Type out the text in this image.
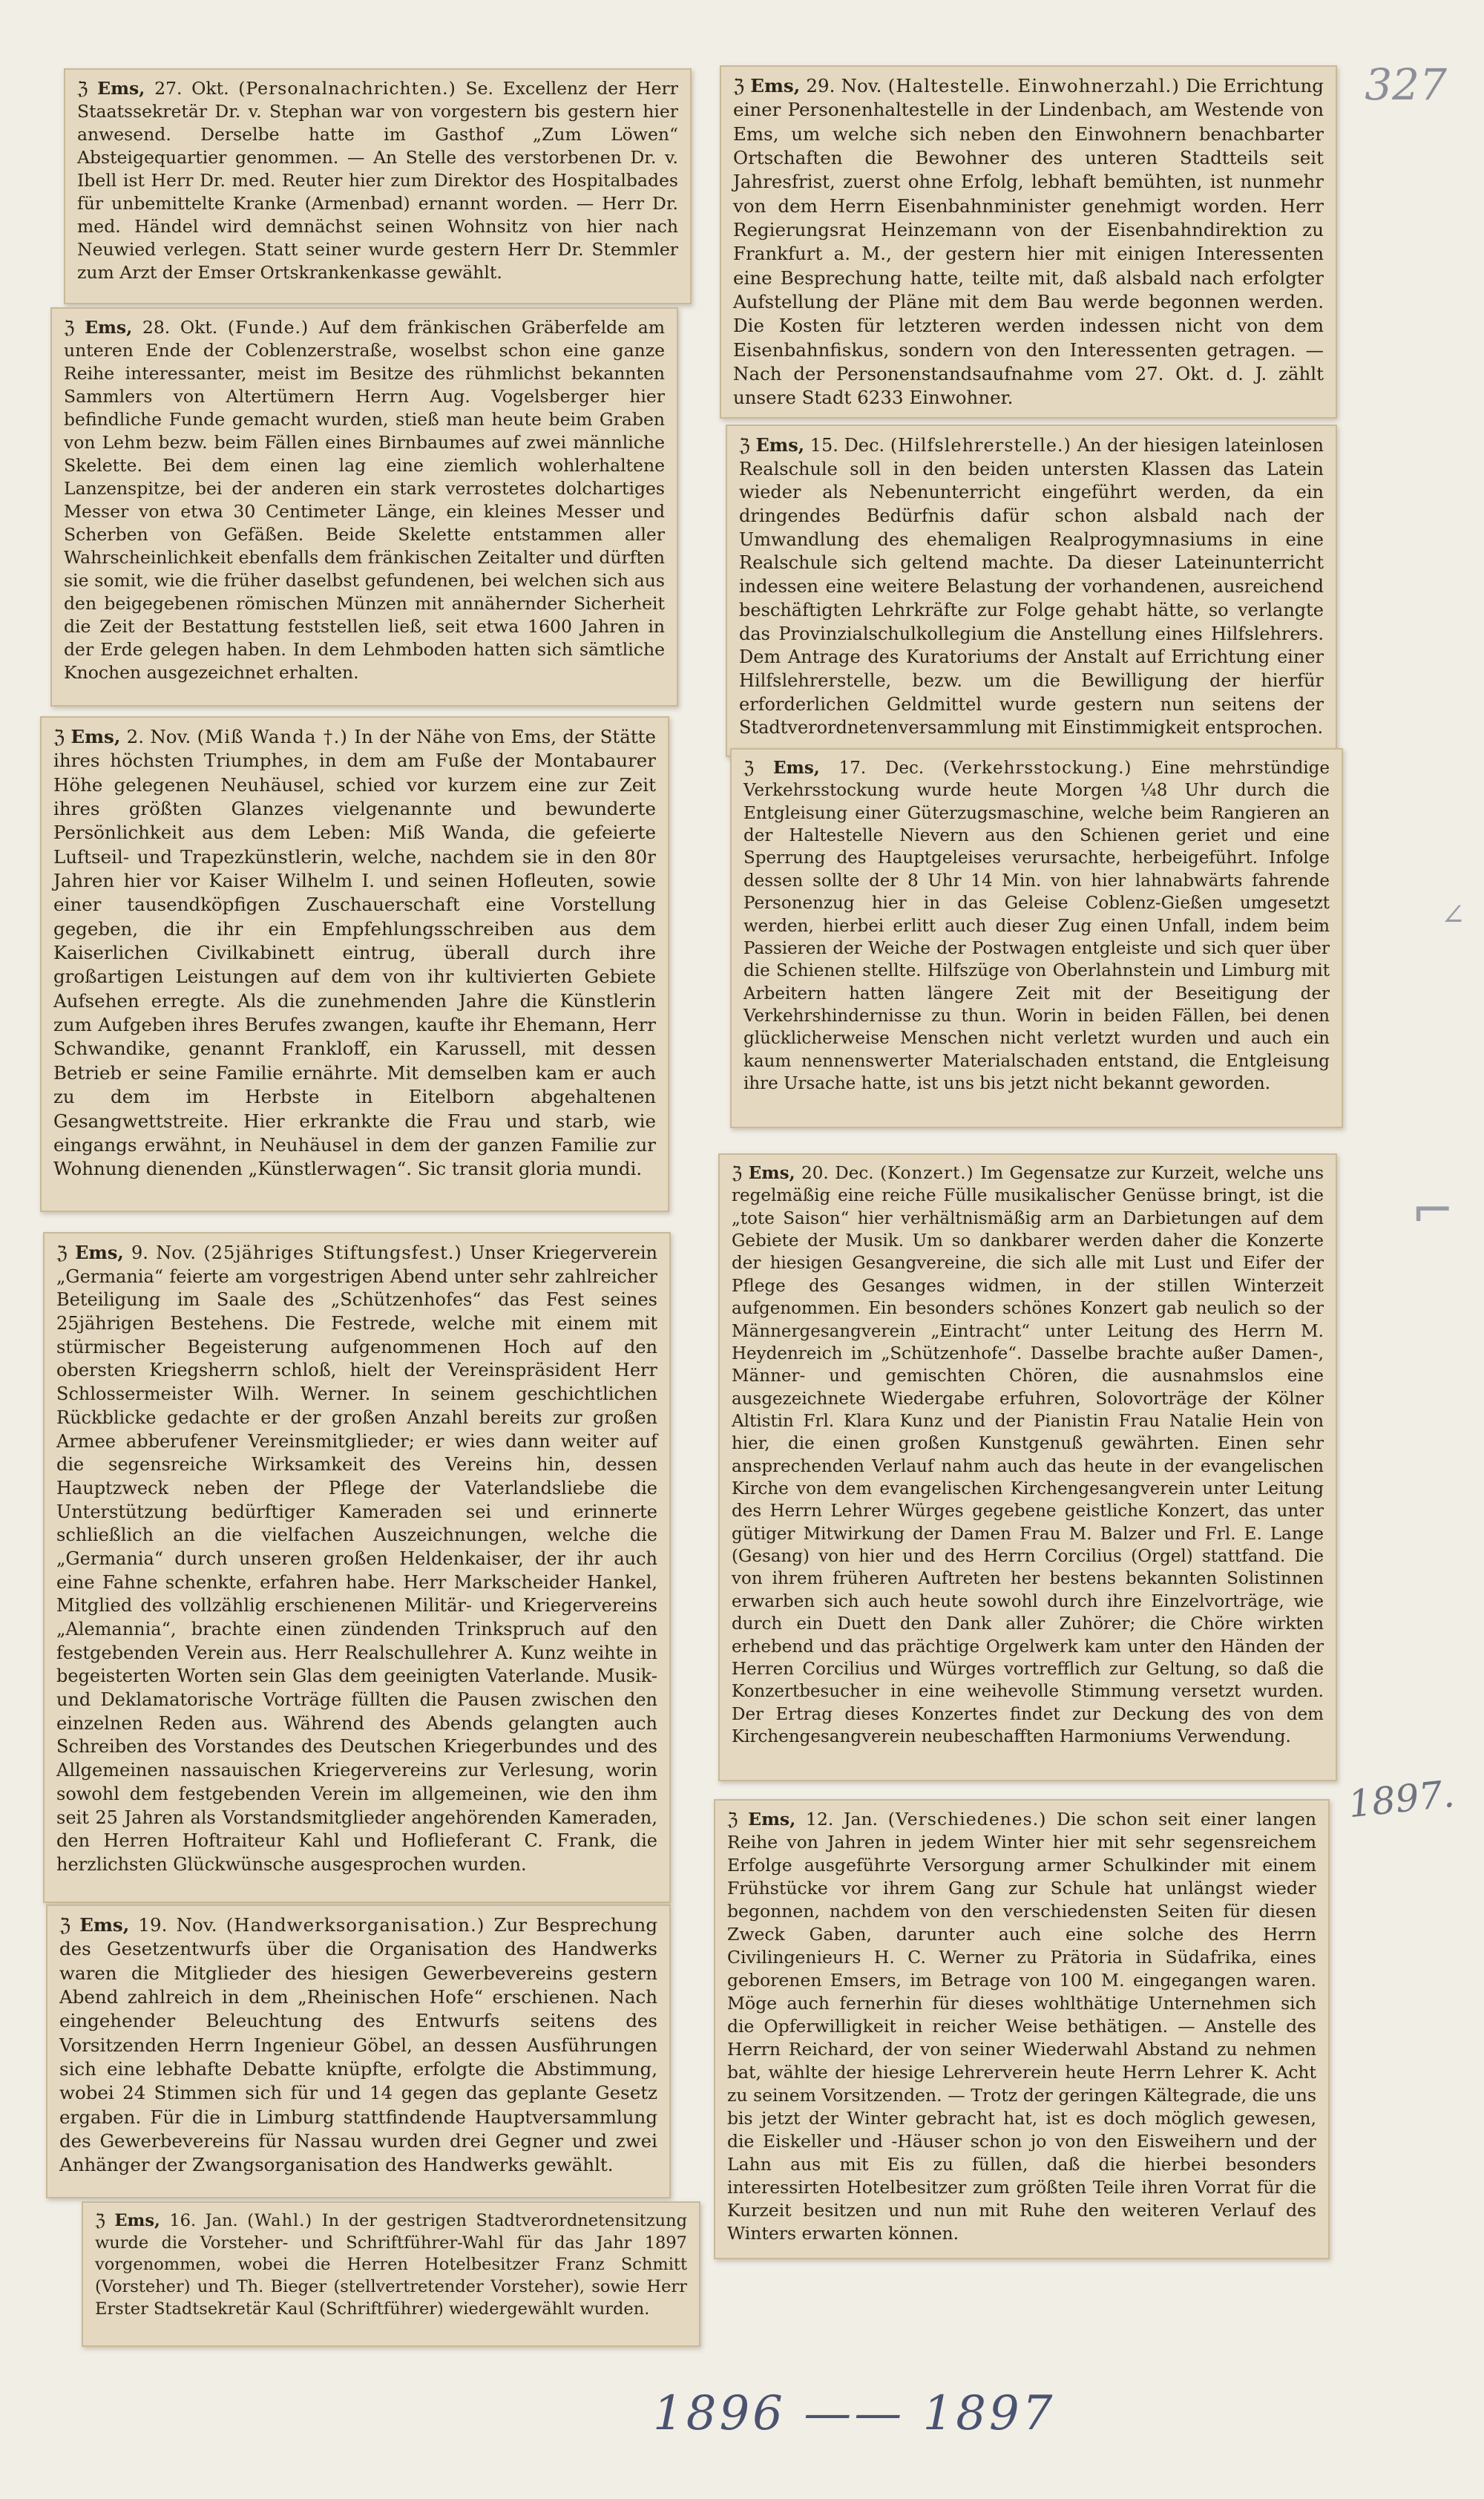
327
∠
⌐
1897.
1896 —— 1897
ℨ Ems, 27. Okt. (Personalnachrichten.) Se. Excellenz der Herr Staatssekretär Dr. v. Stephan war von vorgestern bis gestern hier anwesend. Derselbe hatte im Gasthof „Zum Löwen“ Absteigequartier genommen. — An Stelle des verstorbenen Dr. v. Ibell ist Herr Dr. med. Reuter hier zum Direktor des Hospitalbades für unbemittelte Kranke (Armenbad) ernannt worden. — Herr Dr. med. Händel wird demnächst seinen Wohnsitz von hier nach Neuwied verlegen. Statt seiner wurde gestern Herr Dr. Stemmler zum Arzt der Emser Ortskrankenkasse gewählt.
ℨ Ems, 28. Okt. (Funde.) Auf dem fränkischen Gräberfelde am unteren Ende der Coblenzerstraße, woselbst schon eine ganze Reihe interessanter, meist im Besitze des rühmlichst bekannten Sammlers von Altertümern Herrn Aug. Vogelsberger hier befindliche Funde gemacht wurden, stieß man heute beim Graben von Lehm bezw. beim Fällen eines Birnbaumes auf zwei männliche Skelette. Bei dem einen lag eine ziemlich wohlerhaltene Lanzenspitze, bei der anderen ein stark verrostetes dolchartiges Messer von etwa 30 Centimeter Länge, ein kleines Messer und Scherben von Gefäßen. Beide Skelette entstammen aller Wahrscheinlichkeit ebenfalls dem fränkischen Zeitalter und dürften sie somit, wie die früher daselbst gefundenen, bei welchen sich aus den beigegebenen römischen Münzen mit annähernder Sicherheit die Zeit der Bestattung feststellen ließ, seit etwa 1600 Jahren in der Erde gelegen haben. In dem Lehmboden hatten sich sämtliche Knochen ausgezeichnet erhalten.
ℨ Ems, 2. Nov. (Miß Wanda †.) In der Nähe von Ems, der Stätte ihres höchsten Triumphes, in dem am Fuße der Montabaurer Höhe gelegenen Neuhäusel, schied vor kurzem eine zur Zeit ihres größten Glanzes vielgenannte und bewunderte Persönlichkeit aus dem Leben: Miß Wanda, die gefeierte Luftseil- und Trapezkünstlerin, welche, nachdem sie in den 80r Jahren hier vor Kaiser Wilhelm I. und seinen Hofleuten, sowie einer tausendköpfigen Zuschauerschaft eine Vorstellung gegeben, die ihr ein Empfehlungsschreiben aus dem Kaiserlichen Civilkabinett eintrug, überall durch ihre großartigen Leistungen auf dem von ihr kultivierten Gebiete Aufsehen erregte. Als die zunehmenden Jahre die Künstlerin zum Aufgeben ihres Berufes zwangen, kaufte ihr Ehemann, Herr Schwandike, genannt Frankloff, ein Karussell, mit dessen Betrieb er seine Familie ernährte. Mit demselben kam er auch zu dem im Herbste in Eitelborn abgehaltenen Gesangwettstreite. Hier erkrankte die Frau und starb, wie eingangs erwähnt, in Neuhäusel in dem der ganzen Familie zur Wohnung dienenden „Künstlerwagen“. Sic transit gloria mundi.
ℨ Ems, 9. Nov. (25jähriges Stiftungsfest.) Unser Kriegerverein „Germania“ feierte am vorgestrigen Abend unter sehr zahlreicher Beteiligung im Saale des „Schützenhofes“ das Fest seines 25jährigen Bestehens. Die Festrede, welche mit einem mit stürmischer Begeisterung aufgenommenen Hoch auf den obersten Kriegsherrn schloß, hielt der Vereinspräsident Herr Schlossermeister Wilh. Werner. In seinem geschichtlichen Rückblicke gedachte er der großen Anzahl bereits zur großen Armee abberufener Vereinsmitglieder; er wies dann weiter auf die segensreiche Wirksamkeit des Vereins hin, dessen Hauptzweck neben der Pflege der Vaterlandsliebe die Unterstützung bedürftiger Kameraden sei und erinnerte schließlich an die vielfachen Auszeichnungen, welche die „Germania“ durch unseren großen Heldenkaiser, der ihr auch eine Fahne schenkte, erfahren habe. Herr Markscheider Hankel, Mitglied des vollzählig erschienenen Militär- und Kriegervereins „Alemannia“, brachte einen zündenden Trinkspruch auf den festgebenden Verein aus. Herr Realschullehrer A. Kunz weihte in begeisterten Worten sein Glas dem geeinigten Vaterlande. Musik- und Deklamatorische Vorträge füllten die Pausen zwischen den einzelnen Reden aus. Während des Abends gelangten auch Schreiben des Vorstandes des Deutschen Kriegerbundes und des Allgemeinen nassauischen Kriegervereins zur Verlesung, worin sowohl dem festgebenden Verein im allgemeinen, wie den ihm seit 25 Jahren als Vorstandsmitglieder angehörenden Kameraden, den Herren Hoftraiteur Kahl und Hoflieferant C. Frank, die herzlichsten Glückwünsche ausgesprochen wurden.
ℨ Ems, 19. Nov. (Handwerksorganisation.) Zur Besprechung des Gesetzentwurfs über die Organisation des Handwerks waren die Mitglieder des hiesigen Gewerbevereins gestern Abend zahlreich in dem „Rheinischen Hofe“ erschienen. Nach eingehender Beleuchtung des Entwurfs seitens des Vorsitzenden Herrn Ingenieur Göbel, an dessen Ausführungen sich eine lebhafte Debatte knüpfte, erfolgte die Abstimmung, wobei 24 Stimmen sich für und 14 gegen das geplante Gesetz ergaben. Für die in Limburg stattfindende Hauptversammlung des Gewerbevereins für Nassau wurden drei Gegner und zwei Anhänger der Zwangsorganisation des Handwerks gewählt.
ℨ Ems, 16. Jan. (Wahl.) In der gestrigen Stadtverordnetensitzung wurde die Vorsteher- und Schriftführer-Wahl für das Jahr 1897 vorgenommen, wobei die Herren Hotelbesitzer Franz Schmitt (Vorsteher) und Th. Bieger (stellvertretender Vorsteher), sowie Herr Erster Stadtsekretär Kaul (Schriftführer) wiedergewählt wurden.
ℨ Ems, 29. Nov. (Haltestelle. Einwohnerzahl.) Die Errichtung einer Personenhaltestelle in der Lindenbach, am Westende von Ems, um welche sich neben den Einwohnern benachbarter Ortschaften die Bewohner des unteren Stadtteils seit Jahresfrist, zuerst ohne Erfolg, lebhaft bemühten, ist nunmehr von dem Herrn Eisenbahnminister genehmigt worden. Herr Regierungsrat Heinzemann von der Eisenbahndirektion zu Frankfurt a. M., der gestern hier mit einigen Interessenten eine Besprechung hatte, teilte mit, daß alsbald nach erfolgter Aufstellung der Pläne mit dem Bau werde begonnen werden. Die Kosten für letzteren werden indessen nicht von dem Eisenbahnfiskus, sondern von den Interessenten getragen. — Nach der Personenstandsaufnahme vom 27. Okt. d. J. zählt unsere Stadt 6233 Einwohner.
ℨ Ems, 15. Dec. (Hilfslehrerstelle.) An der hiesigen lateinlosen Realschule soll in den beiden untersten Klassen das Latein wieder als Nebenunterricht eingeführt werden, da ein dringendes Bedürfnis dafür schon alsbald nach der Umwandlung des ehemaligen Realprogymnasiums in eine Realschule sich geltend machte. Da dieser Lateinunterricht indessen eine weitere Belastung der vorhandenen, ausreichend beschäftigten Lehrkräfte zur Folge gehabt hätte, so verlangte das Provinzialschulkollegium die Anstellung eines Hilfslehrers. Dem Antrage des Kuratoriums der Anstalt auf Errichtung einer Hilfslehrerstelle, bezw. um die Bewilligung der hierfür erforderlichen Geldmittel wurde gestern nun seitens der Stadtverordnetenversammlung mit Einstimmigkeit entsprochen.
ℨ Ems, 17. Dec. (Verkehrsstockung.) Eine mehrstündige Verkehrsstockung wurde heute Morgen ¼8 Uhr durch die Entgleisung einer Güterzugsmaschine, welche beim Rangieren an der Haltestelle Nievern aus den Schienen geriet und eine Sperrung des Hauptgeleises verursachte, herbeigeführt. Infolge dessen sollte der 8 Uhr 14 Min. von hier lahnabwärts fahrende Personenzug hier in das Geleise Coblenz-Gießen umgesetzt werden, hierbei erlitt auch dieser Zug einen Unfall, indem beim Passieren der Weiche der Postwagen entgleiste und sich quer über die Schienen stellte. Hilfszüge von Oberlahnstein und Limburg mit Arbeitern hatten längere Zeit mit der Beseitigung der Verkehrshindernisse zu thun. Worin in beiden Fällen, bei denen glücklicherweise Menschen nicht verletzt wurden und auch ein kaum nennenswerter Materialschaden entstand, die Entgleisung ihre Ursache hatte, ist uns bis jetzt nicht bekannt geworden.
ℨ Ems, 20. Dec. (Konzert.) Im Gegensatze zur Kurzeit, welche uns regelmäßig eine reiche Fülle musikalischer Genüsse bringt, ist die „tote Saison“ hier verhältnismäßig arm an Darbietungen auf dem Gebiete der Musik. Um so dankbarer werden daher die Konzerte der hiesigen Gesangvereine, die sich alle mit Lust und Eifer der Pflege des Gesanges widmen, in der stillen Winterzeit aufgenommen. Ein besonders schönes Konzert gab neulich so der Männergesangverein „Eintracht“ unter Leitung des Herrn M. Heydenreich im „Schützenhofe“. Dasselbe brachte außer Damen-, Männer- und gemischten Chören, die ausnahmslos eine ausgezeichnete Wiedergabe erfuhren, Solovorträge der Kölner Altistin Frl. Klara Kunz und der Pianistin Frau Natalie Hein von hier, die einen großen Kunstgenuß gewährten. Einen sehr ansprechenden Verlauf nahm auch das heute in der evangelischen Kirche von dem evangelischen Kirchengesangverein unter Leitung des Herrn Lehrer Würges gegebene geistliche Konzert, das unter gütiger Mitwirkung der Damen Frau M. Balzer und Frl. E. Lange (Gesang) von hier und des Herrn Corcilius (Orgel) stattfand. Die von ihrem früheren Auftreten her bestens bekannten Solistinnen erwarben sich auch heute sowohl durch ihre Einzelvorträge, wie durch ein Duett den Dank aller Zuhörer; die Chöre wirkten erhebend und das prächtige Orgelwerk kam unter den Händen der Herren Corcilius und Würges vortrefflich zur Geltung, so daß die Konzertbesucher in eine weihevolle Stimmung versetzt wurden. Der Ertrag dieses Konzertes findet zur Deckung des von dem Kirchengesangverein neubeschafften Harmoniums Verwendung.
ℨ Ems, 12. Jan. (Verschiedenes.) Die schon seit einer langen Reihe von Jahren in jedem Winter hier mit sehr segensreichem Erfolge ausgeführte Versorgung armer Schulkinder mit einem Frühstücke vor ihrem Gang zur Schule hat unlängst wieder begonnen, nachdem von den verschiedensten Seiten für diesen Zweck Gaben, darunter auch eine solche des Herrn Civilingenieurs H. C. Werner zu Prätoria in Südafrika, eines geborenen Emsers, im Betrage von 100 M. eingegangen waren. Möge auch fernerhin für dieses wohlthätige Unternehmen sich die Opferwilligkeit in reicher Weise bethätigen. — Anstelle des Herrn Reichard, der von seiner Wiederwahl Abstand zu nehmen bat, wählte der hiesige Lehrerverein heute Herrn Lehrer K. Acht zu seinem Vorsitzenden. — Trotz der geringen Kältegrade, die uns bis jetzt der Winter gebracht hat, ist es doch möglich gewesen, die Eiskeller und -Häuser schon jo von den Eisweihern und der Lahn aus mit Eis zu füllen, daß die hierbei besonders interessirten Hotelbesitzer zum größten Teile ihren Vorrat für die Kurzeit besitzen und nun mit Ruhe den weiteren Verlauf des Winters erwarten können.
